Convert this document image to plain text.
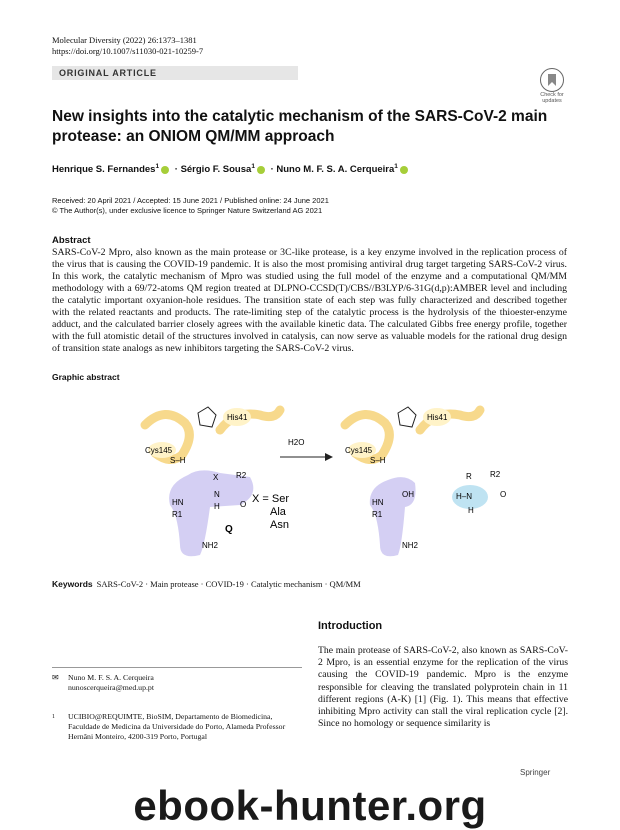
Molecular Diversity (2022) 26:1373–1381
https://doi.org/10.1007/s11030-021-10259-7
ORIGINAL ARTICLE
Check for updates
New insights into the catalytic mechanism of the SARS-CoV-2 main protease: an ONIOM QM/MM approach
Henrique S. Fernandes$^1$ · Sérgio F. Sousa$^1$ · Nuno M. F. S. A. Cerqueira$^1$
Received: 20 April 2021 / Accepted: 15 June 2021 / Published online: 24 June 2021
© The Author(s), under exclusive licence to Springer Nature Switzerland AG 2021
Abstract
SARS-CoV-2 Mpro, also known as the main protease or 3C-like protease, is a key enzyme involved in the replication process of the virus that is causing the COVID-19 pandemic. It is also the most promising antiviral drug target targeting SARS-CoV-2 virus. In this work, the catalytic mechanism of Mpro was studied using the full model of the enzyme and a computational QM/MM methodology with a 69/72-atoms QM region treated at DLPNO-CCSD(T)/CBS//B3LYP/6-31G(d,p):AMBER level and including the catalytic important oxyanion-hole residues. The transition state of each step was fully characterized and described together with the related reactants and products. The rate-limiting step of the catalytic process is the hydrolysis of the thioester-enzyme adduct, and the calculated barrier closely agrees with the available kinetic data. The calculated Gibbs free energy profile, together with the full atomistic detail of the structures involved in catalysis, can now serve as valuable models for the rational drug design of transition state analogs as new inhibitors targeting the SARS-CoV-2 virus.
Graphic abstract
His41
Cys145
S–H
X R2
HN
R1
N
H	O
NH2
Q
X = Ser
Ala
Asn
H2O
His41
Cys145
S–H
OH
HN
R1
NH2
R R2
H–N
H
O
Keywords SARS-CoV-2 · Main protease · COVID-19 · Catalytic mechanism · QM/MM
Introduction
The main protease of SARS-CoV-2, also known as SARS-CoV-2 Mpro, is an essential enzyme for the replication of the virus causing the COVID-19 pandemic. Mpro is the enzyme responsible for cleaving the translated polyprotein chain in 11 different regions (A-K) [1] (Fig. 1). This means that effective inhibiting Mpro activity can stall the viral replication cycle [2]. Since no homology or sequence similarity is
✉ Nuno M. F. S. A. Cerqueira
nunoscerqueira@med.up.pt
1 UCIBIO@REQUIMTE, BioSIM, Departamento de Biomedicina, Faculdade de Medicina da Universidade do Porto, Alameda Professor Hernâni Monteiro, 4200-319 Porto, Portugal
Springer
ebook-hunter.org
